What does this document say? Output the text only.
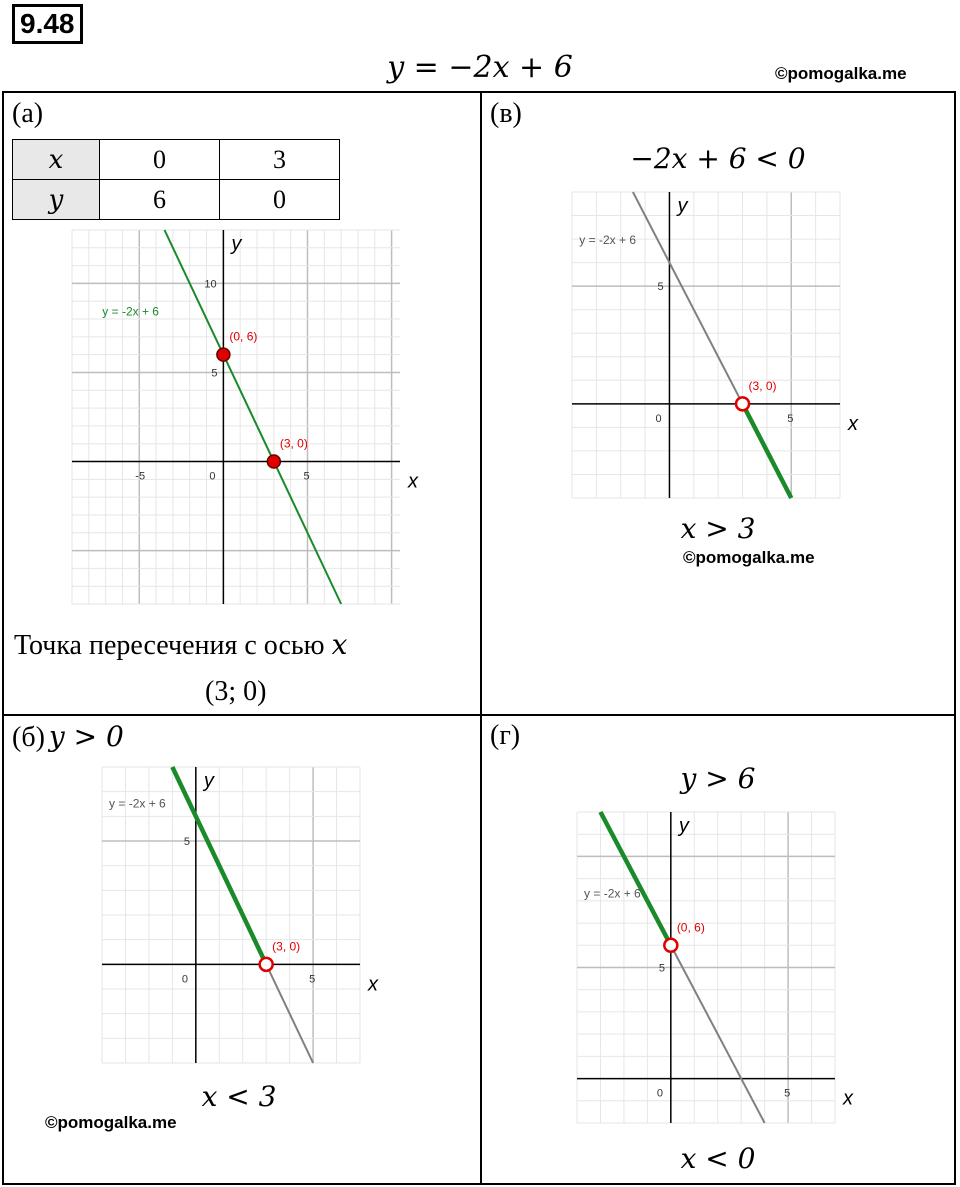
9.48
y = −2x + 6	©pomogalka.me
(а)
x	0	3
y	6	0
x
y
-5	0	5
5
10
y = -2x + 6
(0, 6)
(3, 0)
Точка пересечения с осью x
(3; 0)
(в)
−2x + 6 < 0
x
y
0	5
5
y = -2x + 6
(3, 0)
x > 3
©pomogalka.me
(б) y > 0
x
y
0	5
5
y = -2x + 6
(3, 0)
x < 3
©pomogalka.me
(г)
y > 6
x
y
0	5
5
y = -2x + 6
(0, 6)
x < 0
